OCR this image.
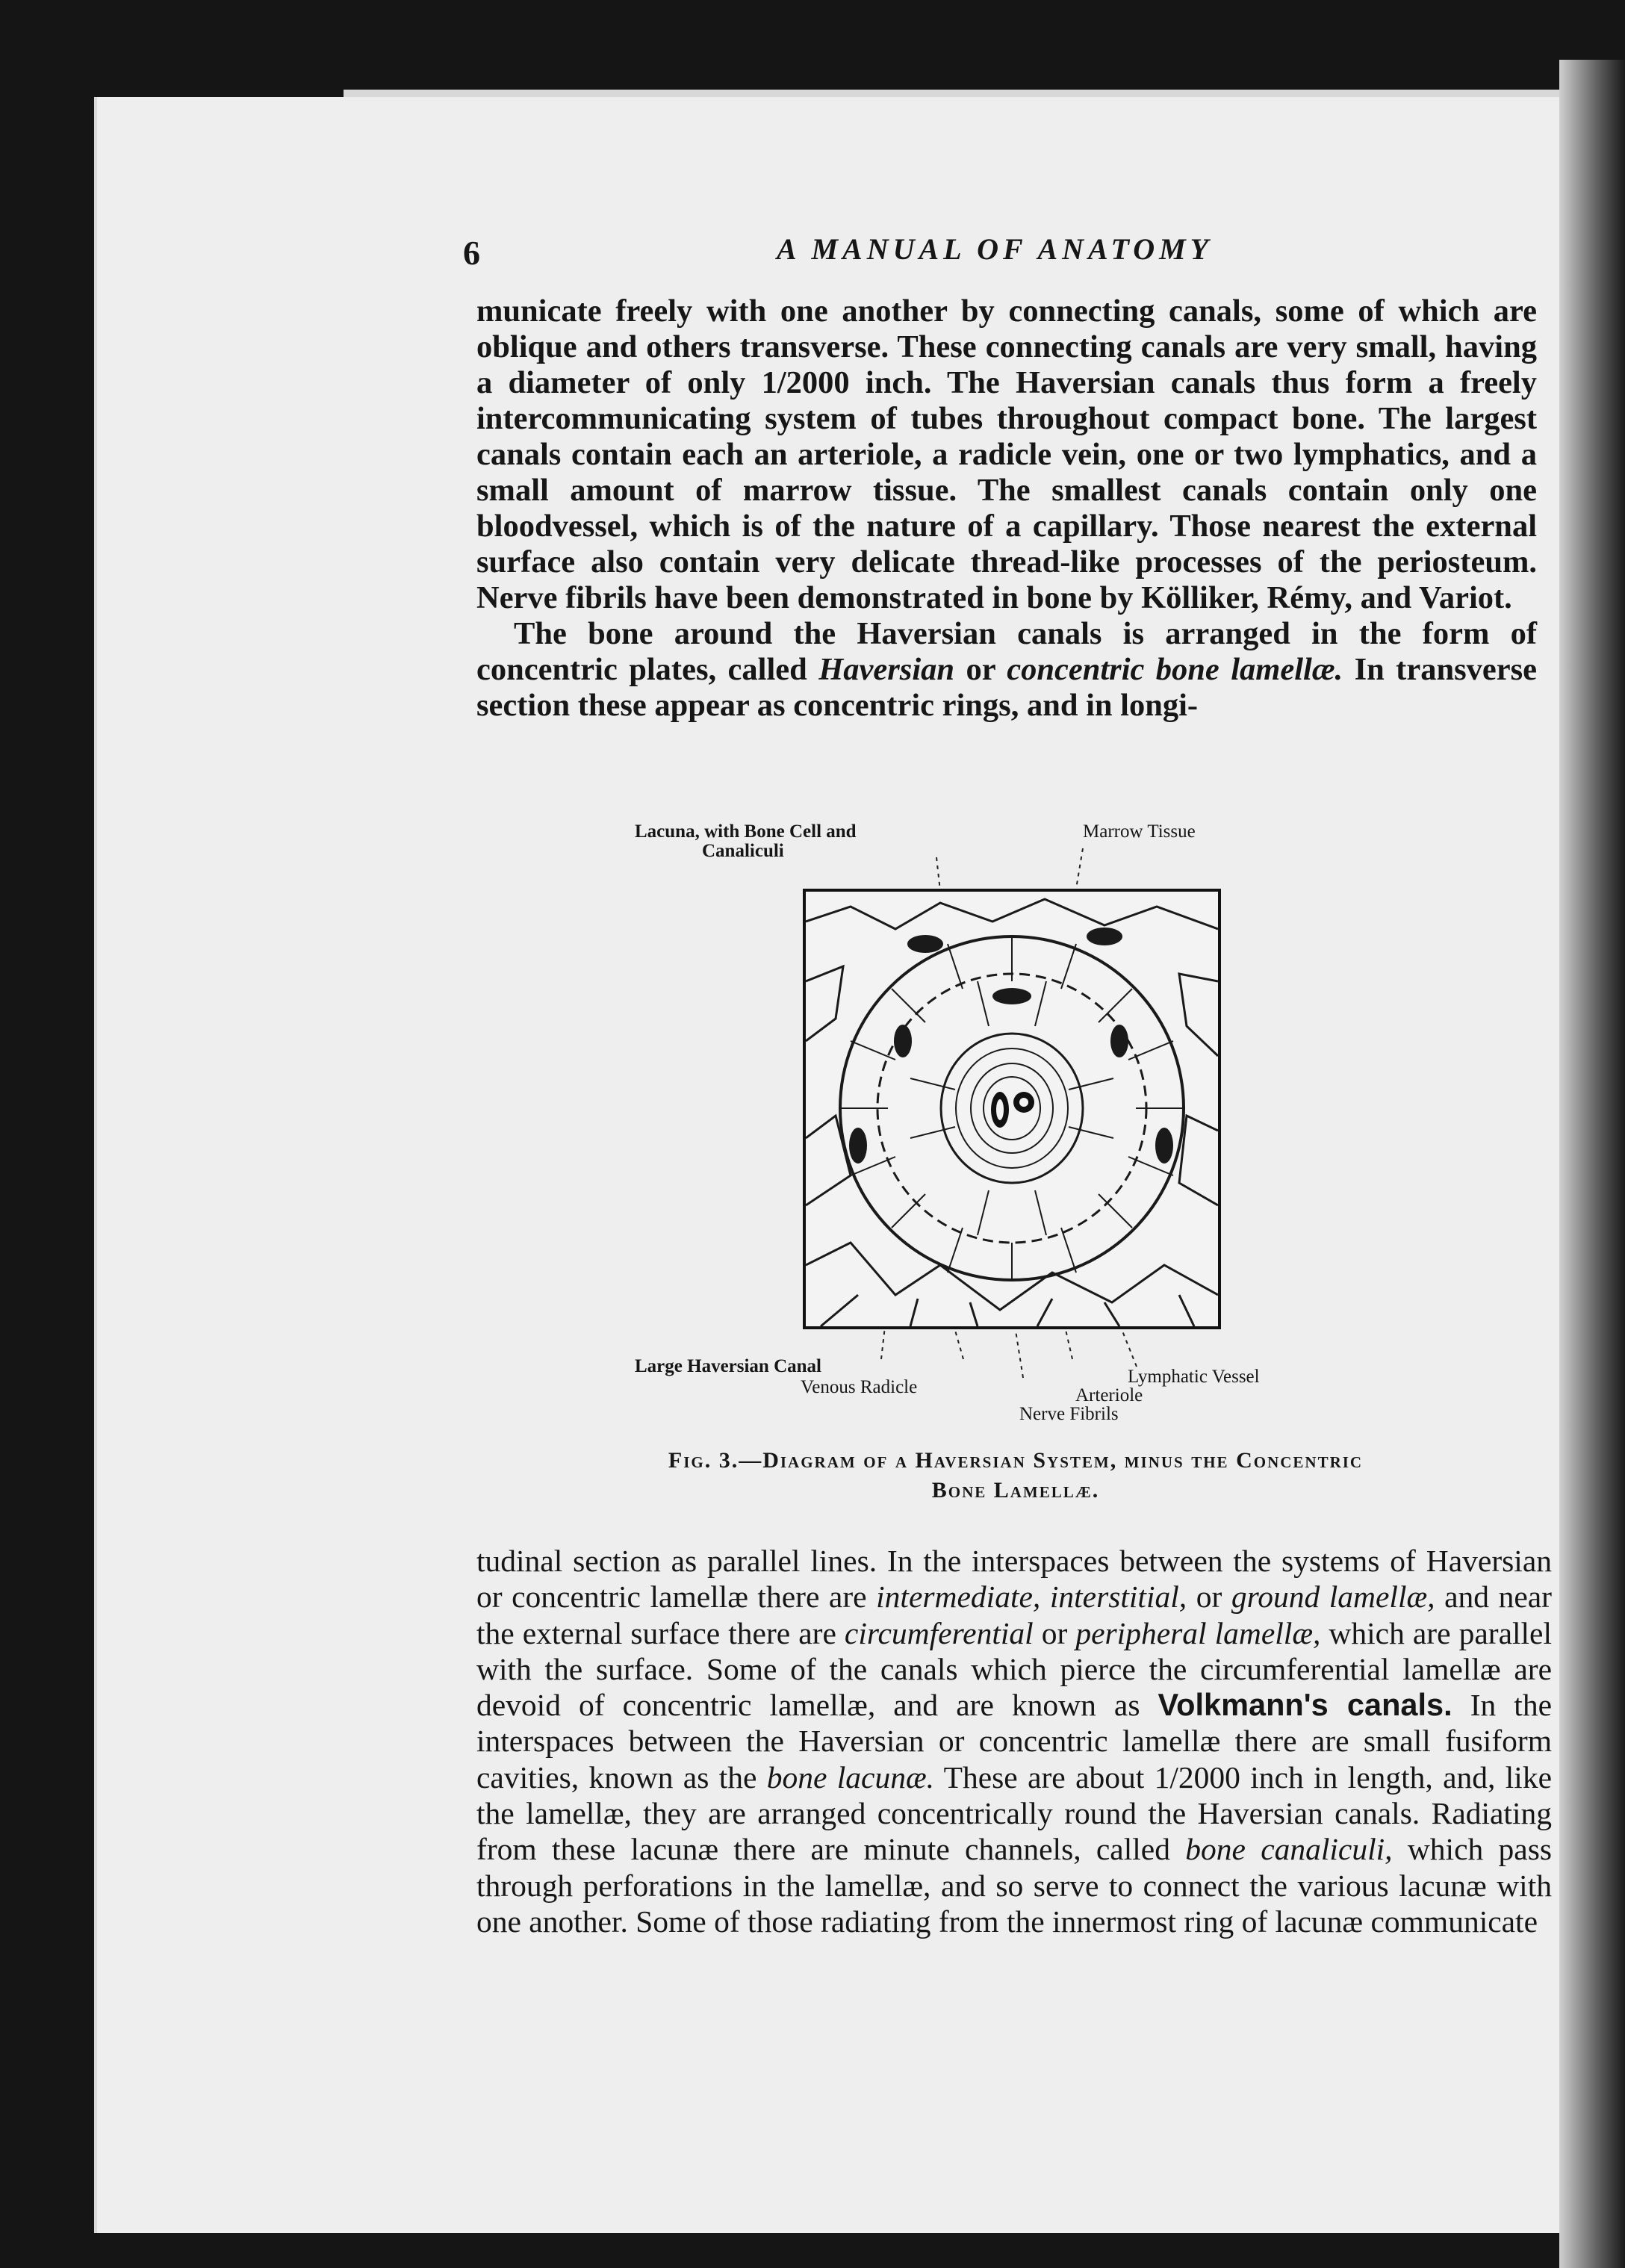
6	A MANUAL OF ANATOMY
municate freely with one another by connecting canals, some of which are oblique and others transverse. These connecting canals are very small, having a diameter of only 1/2000 inch. The Haversian canals thus form a freely intercommunicating system of tubes throughout compact bone. The largest canals contain each an arteriole, a radicle vein, one or two lymphatics, and a small amount of marrow tissue. The smallest canals contain only one bloodvessel, which is of the nature of a capillary. Those nearest the external surface also contain very delicate thread-like processes of the periosteum. Nerve fibrils have been demonstrated in bone by Kölliker, Rémy, and Variot.
The bone around the Haversian canals is arranged in the form of concentric plates, called Haversian or concentric bone lamellæ. In transverse section these appear as concentric rings, and in longi-
Lacuna, with Bone Cell and
Canaliculi
Marrow Tissue
Large Haversian Canal
Venous Radicle
Lymphatic Vessel
Arteriole
Nerve Fibrils
Fig. 3.—Diagram of a Haversian System, minus the Concentric
Bone Lamellæ.
tudinal section as parallel lines. In the interspaces between the systems of Haversian or concentric lamellæ there are intermediate, interstitial, or ground lamellæ, and near the external surface there are circumferential or peripheral lamellæ, which are parallel with the surface. Some of the canals which pierce the circumferential lamellæ are devoid of concentric lamellæ, and are known as Volkmann's canals. In the interspaces between the Haversian or concentric lamellæ there are small fusiform cavities, known as the bone lacunæ. These are about 1/2000 inch in length, and, like the lamellæ, they are arranged concentrically round the Haversian canals. Radiating from these lacunæ there are minute channels, called bone canaliculi, which pass through perforations in the lamellæ, and so serve to connect the various lacunæ with one another. Some of those radiating from the innermost ring of lacunæ communicate
